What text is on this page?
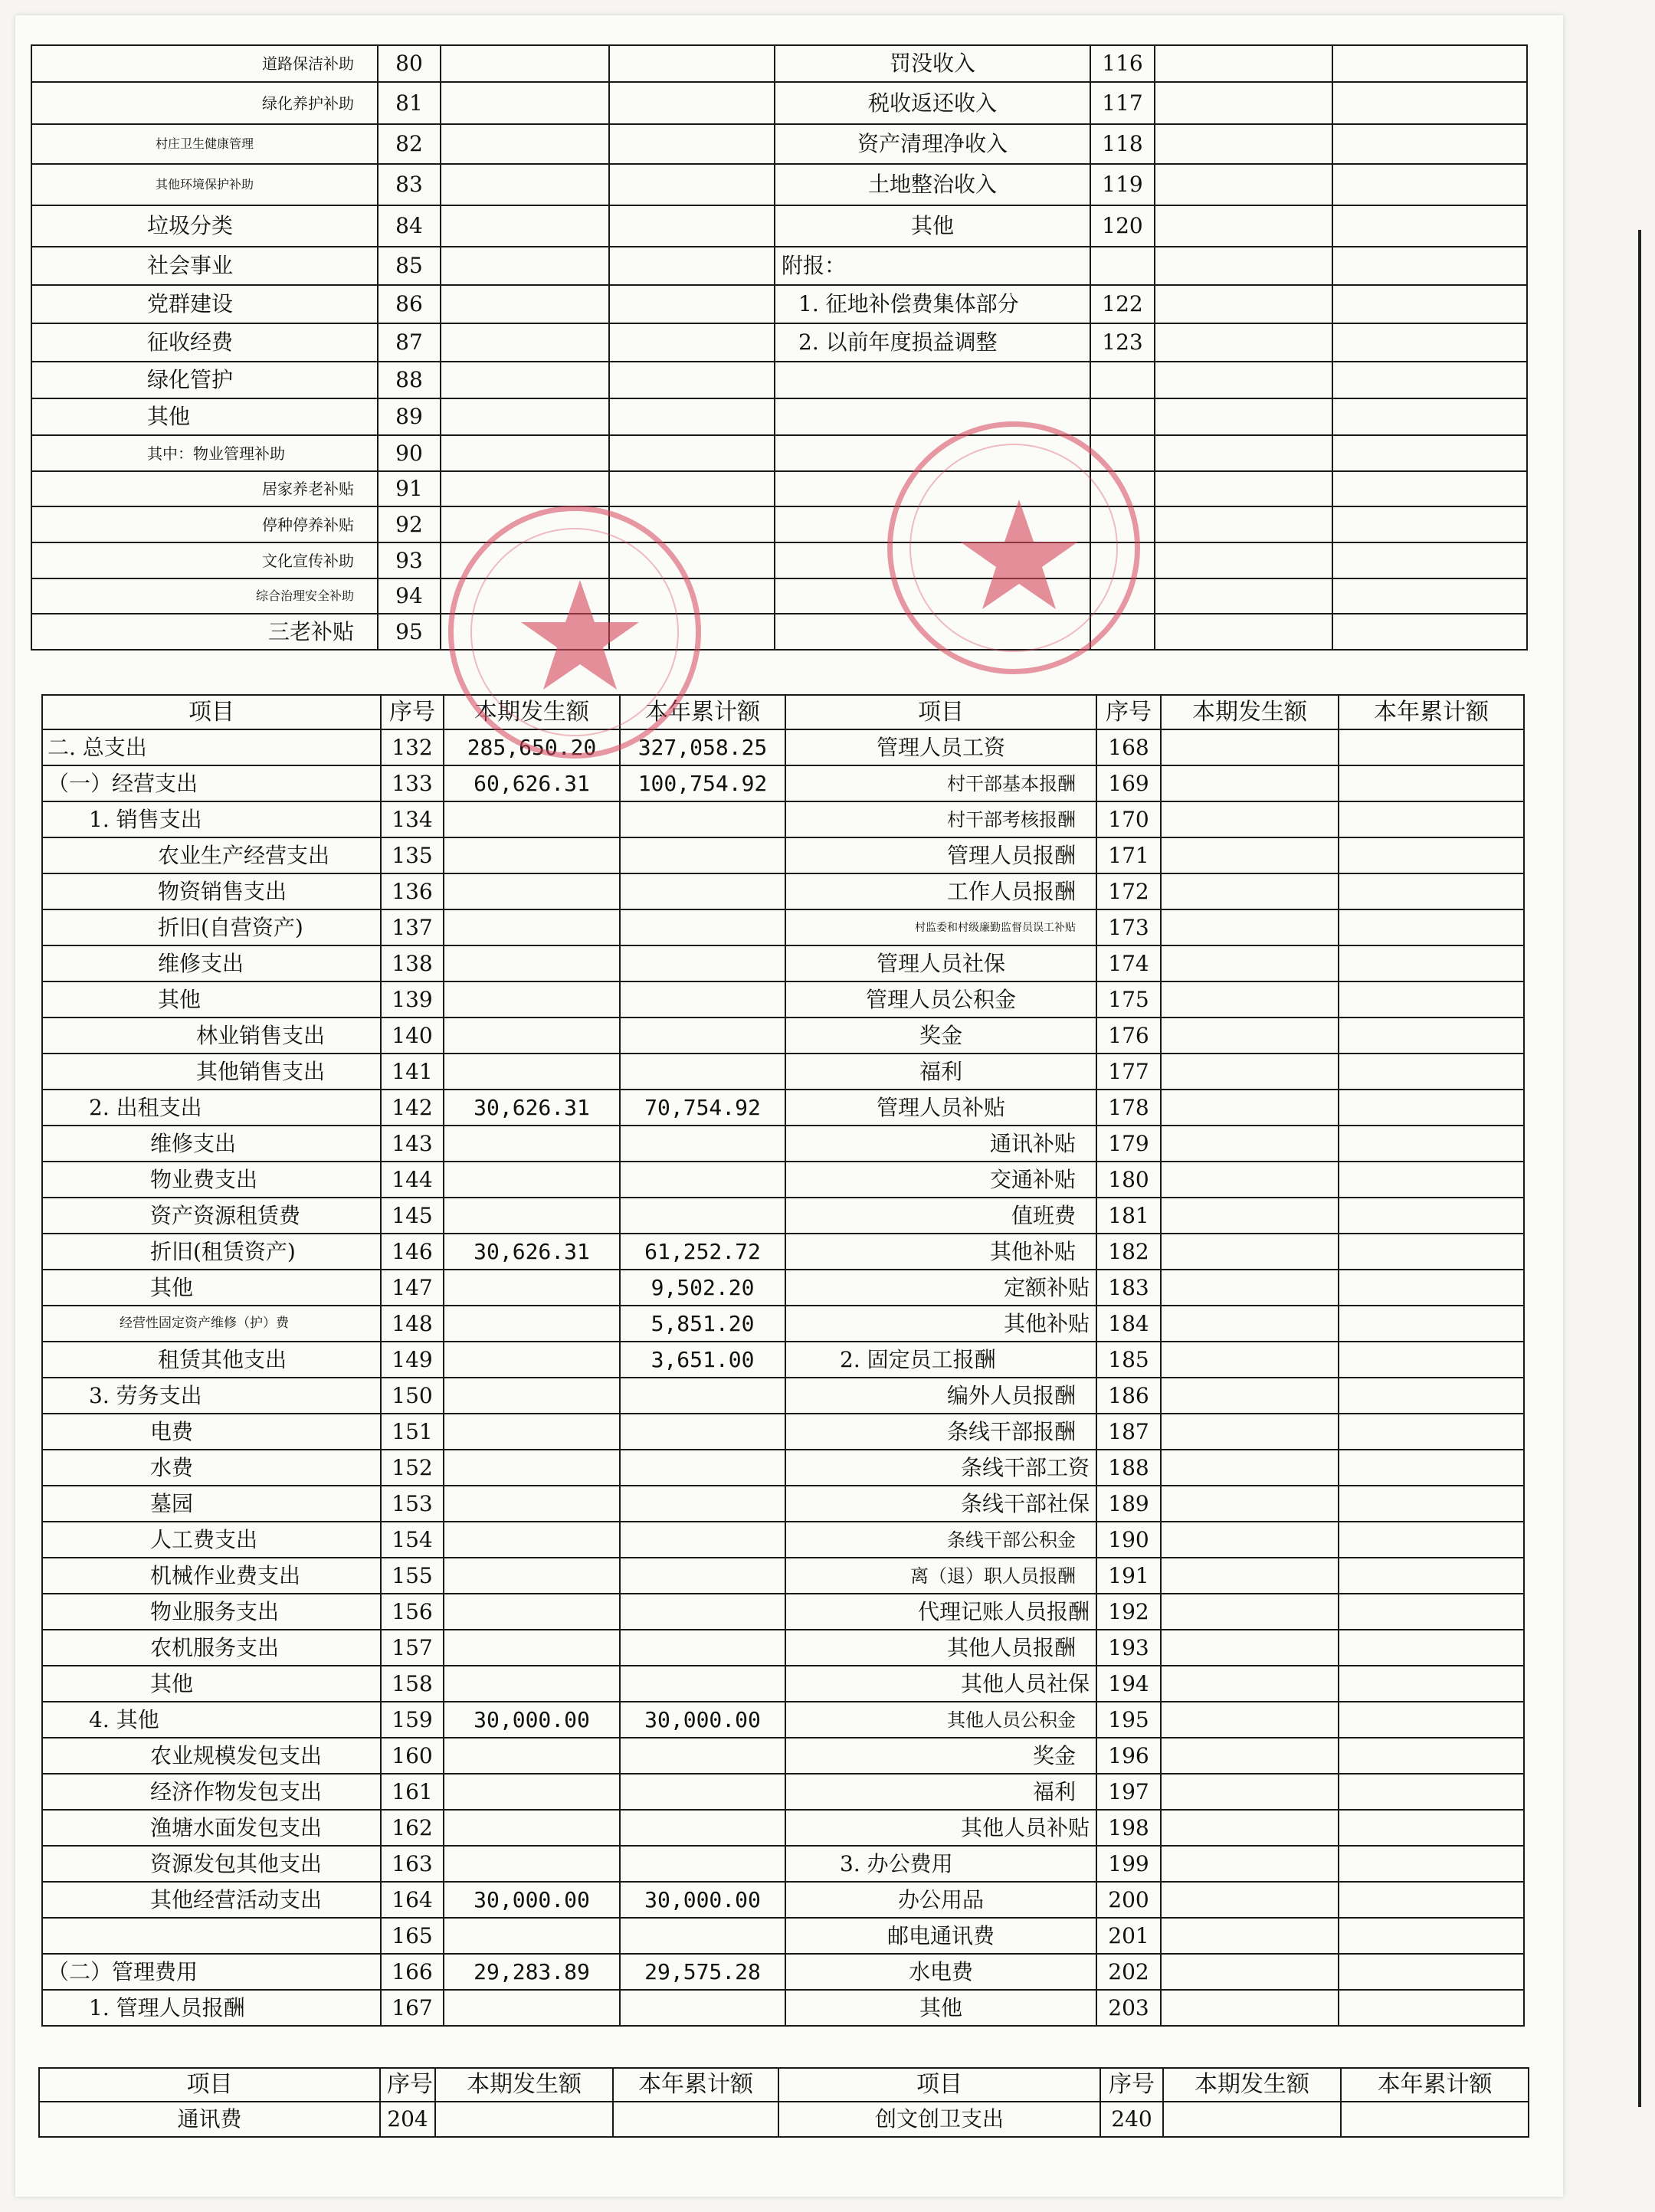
道路保洁补助	80			罚没收入	116		
绿化养护补助	81			税收返还收入	117		
村庄卫生健康管理	82			资产清理净收入	118		
其他环境保护补助	83			土地整治收入	119		
垃圾分类	84			其他	120		
社会事业	85			附报：			
党群建设	86			1. 征地补偿费集体部分	122		
征收经费	87			2. 以前年度损益调整	123		
绿化管护	88						
其他	89						
其中：物业管理补助	90						
居家养老补贴	91						
停种停养补贴	92						
文化宣传补助	93						
综合治理安全补助	94						
三老补贴	95						
项目	序号	本期发生额	本年累计额	项目	序号	本期发生额	本年累计额
二. 总支出	132	285,650.20	327,058.25	管理人员工资	168		
（一）经营支出	133	60,626.31	100,754.92	村干部基本报酬	169		
1. 销售支出	134			村干部考核报酬	170		
农业生产经营支出	135			管理人员报酬	171		
物资销售支出	136			工作人员报酬	172		
折旧(自营资产)	137			村监委和村级廉勤监督员误工补贴	173		
维修支出	138			管理人员社保	174		
其他	139			管理人员公积金	175		
林业销售支出	140			奖金	176		
其他销售支出	141			福利	177		
2. 出租支出	142	30,626.31	70,754.92	管理人员补贴	178		
维修支出	143			通讯补贴	179		
物业费支出	144			交通补贴	180		
资产资源租赁费	145			值班费	181		
折旧(租赁资产)	146	30,626.31	61,252.72	其他补贴	182		
其他	147		9,502.20	定额补贴	183		
经营性固定资产维修（护）费	148		5,851.20	其他补贴	184		
租赁其他支出	149		3,651.00	2. 固定员工报酬	185		
3. 劳务支出	150			编外人员报酬	186		
电费	151			条线干部报酬	187		
水费	152			条线干部工资	188		
墓园	153			条线干部社保	189		
人工费支出	154			条线干部公积金	190		
机械作业费支出	155			离（退）职人员报酬	191		
物业服务支出	156			代理记账人员报酬	192		
农机服务支出	157			其他人员报酬	193		
其他	158			其他人员社保	194		
4. 其他	159	30,000.00	30,000.00	其他人员公积金	195		
农业规模发包支出	160			奖金	196		
经济作物发包支出	161			福利	197		
渔塘水面发包支出	162			其他人员补贴	198		
资源发包其他支出	163			3. 办公费用	199		
其他经营活动支出	164	30,000.00	30,000.00	办公用品	200		
	165			邮电通讯费	201		
（二）管理费用	166	29,283.89	29,575.28	水电费	202		
1. 管理人员报酬	167			其他	203		
项目	序号	本期发生额	本年累计额	项目	序号	本期发生额	本年累计额
通讯费	204			创文创卫支出	240		
